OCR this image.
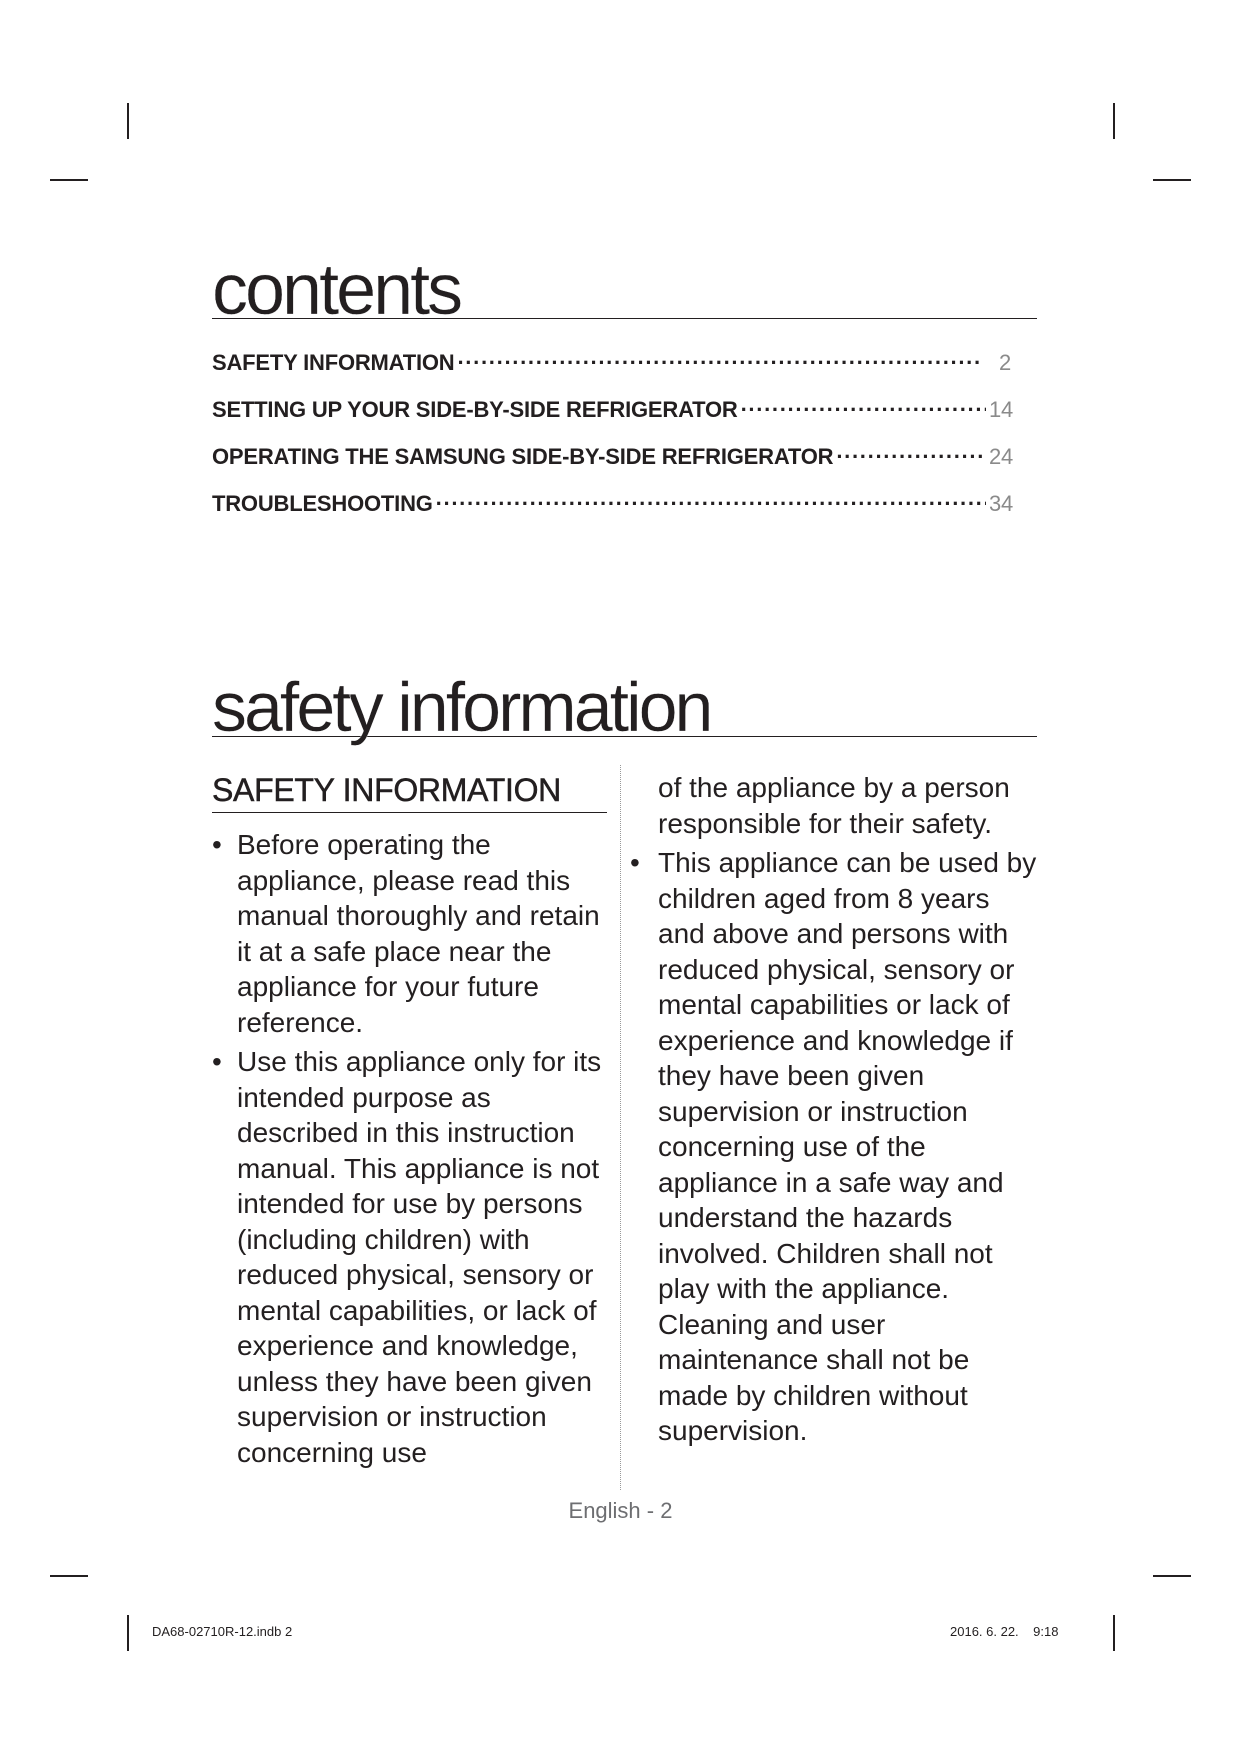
contents
SAFETY INFORMATION ·····	2
SETTING UP YOUR SIDE-BY-SIDE REFRIGERATOR ·····	14
OPERATING THE SAMSUNG SIDE-BY-SIDE REFRIGERATOR ·····	24
TROUBLESHOOTING ·····	34
safety information
SAFETY INFORMATION
• Before operating the appliance, please read this manual thoroughly and retain it at a safe place near the appliance for your future reference.
• Use this appliance only for its intended purpose as described in this instruction manual. This appliance is not intended for use by persons (including children) with reduced physical, sensory or mental capabilities, or lack of experience and knowledge, unless they have been given supervision or instruction concerning use
of the appliance by a person responsible for their safety.
• This appliance can be used by children aged from 8 years and above and persons with reduced physical, sensory or mental capabilities or lack of experience and knowledge if they have been given supervision or instruction concerning use of the appliance in a safe way and understand the hazards involved. Children shall not play with the appliance. Cleaning and user maintenance shall not be made by children without supervision.
English - 2
DA68-02710R-12.indb 2	2016. 6. 22.    9:18
